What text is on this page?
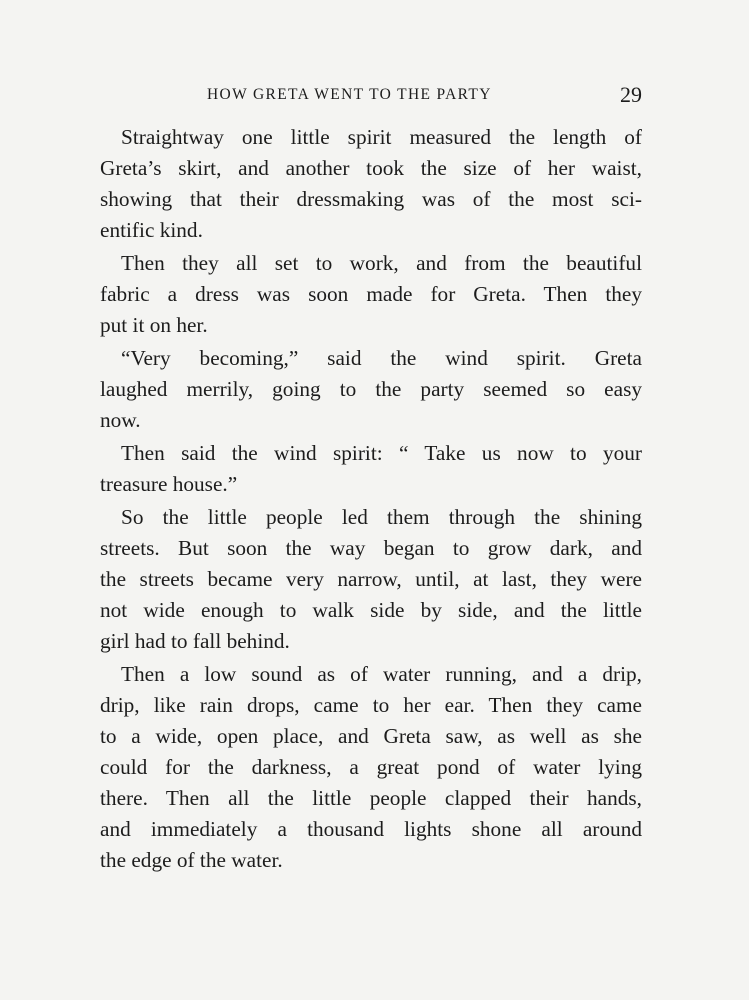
HOW GRETA WENT TO THE PARTY	29
Straightway one little spirit measured the length of
Greta’s skirt, and another took the size of her waist,
showing that their dressmaking was of the most sci-
entific kind.
Then they all set to work, and from the beautiful
fabric a dress was soon made for Greta. Then they
put it on her.
“Very becoming,” said the wind spirit. Greta
laughed merrily, going to the party seemed so easy
now.
Then said the wind spirit: “ Take us now to your
treasure house.”
So the little people led them through the shining
streets. But soon the way began to grow dark, and
the streets became very narrow, until, at last, they were
not wide enough to walk side by side, and the little
girl had to fall behind.
Then a low sound as of water running, and a drip,
drip, like rain drops, came to her ear. Then they came
to a wide, open place, and Greta saw, as well as she
could for the darkness, a great pond of water lying
there. Then all the little people clapped their hands,
and immediately a thousand lights shone all around
the edge of the water.
